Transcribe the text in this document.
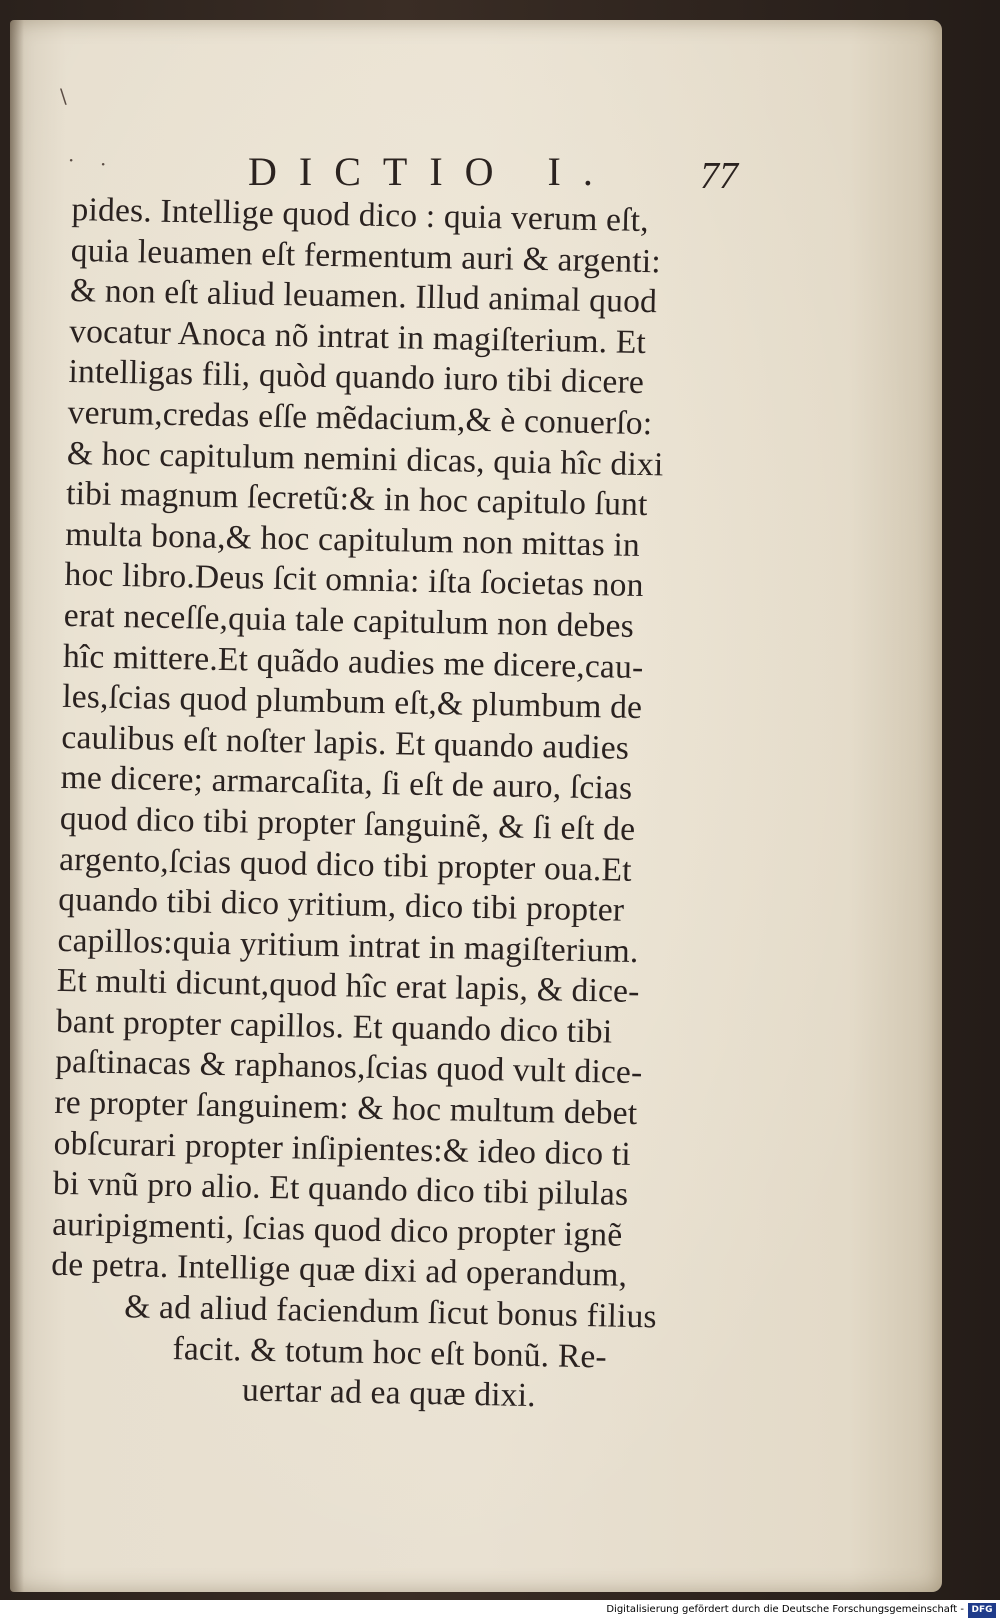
\
· ·	DICTIO I. 77
pides. Intellige quod dico : quia verum eſt,
quia leuamen eſt fermentum auri & argenti:
& non eſt aliud leuamen. Illud animal quod
vocatur Anoca nõ intrat in magiſterium. Et
intelligas fili, quòd quando iuro tibi dicere
verum,credas eſſe mẽdacium,& è conuerſo:
& hoc capitulum nemini dicas, quia hîc dixi
tibi magnum ſecretũ:& in hoc capitulo ſunt
multa bona,& hoc capitulum non mittas in
hoc libro.Deus ſcit omnia: iſta ſocietas non
erat neceſſe,quia tale capitulum non debes
hîc mittere.Et quãdo audies me dicere,cau-
les,ſcias quod plumbum eſt,& plumbum de
caulibus eſt noſter lapis. Et quando audies
me dicere; armarcaſita, ſi eſt de auro, ſcias
quod dico tibi propter ſanguinẽ, & ſi eſt de
argento,ſcias quod dico tibi propter oua.Et
quando tibi dico yritium, dico tibi propter
capillos:quia yritium intrat in magiſterium.
Et multi dicunt,quod hîc erat lapis, & dice-
bant propter capillos. Et quando dico tibi
paſtinacas & raphanos,ſcias quod vult dice-
re propter ſanguinem: & hoc multum debet
obſcurari propter inſipientes:& ideo dico ti
bi vnũ pro alio. Et quando dico tibi pilulas
auripigmenti, ſcias quod dico propter ignẽ
de petra. Intellige quæ dixi ad operandum,
& ad aliud faciendum ſicut bonus filius
facit. & totum hoc eſt bonũ. Re-
uertar ad ea quæ dixi.
Digitalisierung gefördert durch die Deutsche Forschungsgemeinschaft - DFG
